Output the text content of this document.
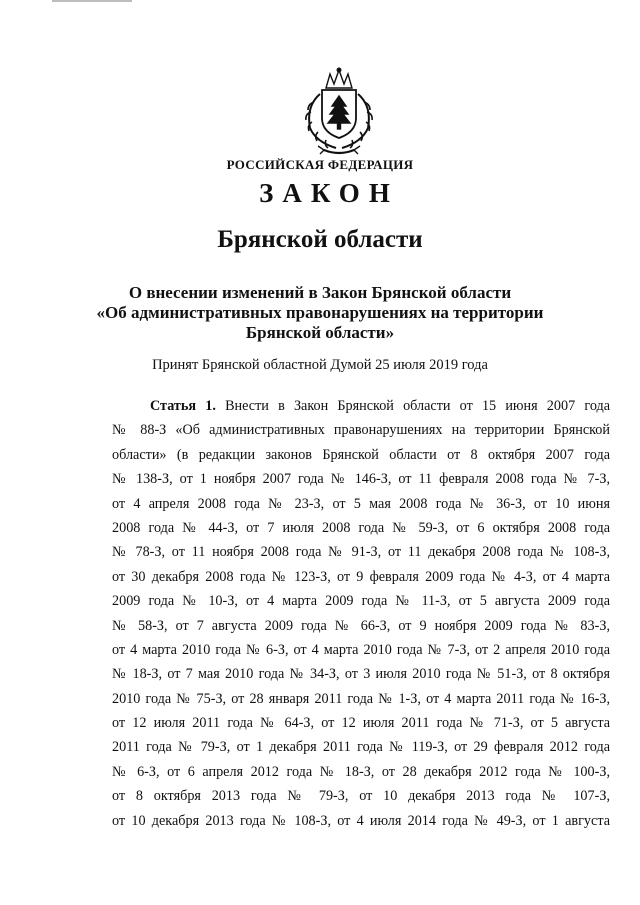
РОССИЙСКАЯ ФЕДЕРАЦИЯ
ЗАКОН
Брянской области
О внесении изменений в Закон Брянской области
«Об административных правонарушениях на территории
Брянской области»
Принят Брянской областной Думой 25 июля 2019 года
Статья 1. Внести в Закон Брянской области от 15 июня 2007 года
№ 88-З «Об административных правонарушениях на территории Брянской
области» (в редакции законов Брянской области от 8 октября 2007 года
№ 138-З, от 1 ноября 2007 года № 146-З, от 11 февраля 2008 года № 7-З,
от 4 апреля 2008 года № 23-З, от 5 мая 2008 года № 36-З, от 10 июня
2008 года № 44-З, от 7 июля 2008 года № 59-З, от 6 октября 2008 года
№ 78-З, от 11 ноября 2008 года № 91-З, от 11 декабря 2008 года № 108-З,
от 30 декабря 2008 года № 123-З, от 9 февраля 2009 года № 4-З, от 4 марта
2009 года № 10-З, от 4 марта 2009 года № 11-З, от 5 августа 2009 года
№ 58-З, от 7 августа 2009 года № 66-З, от 9 ноября 2009 года № 83-З,
от 4 марта 2010 года № 6-З, от 4 марта 2010 года № 7-З, от 2 апреля 2010 года
№ 18-З, от 7 мая 2010 года № 34-З, от 3 июля 2010 года № 51-З, от 8 октября
2010 года № 75-З, от 28 января 2011 года № 1-З, от 4 марта 2011 года № 16-З,
от 12 июля 2011 года № 64-З, от 12 июля 2011 года № 71-З, от 5 августа
2011 года № 79-З, от 1 декабря 2011 года № 119-З, от 29 февраля 2012 года
№ 6-З, от 6 апреля 2012 года № 18-З, от 28 декабря 2012 года № 100-З,
от 8 октября 2013 года № 79-З, от 10 декабря 2013 года № 107-З,
от 10 декабря 2013 года № 108-З, от 4 июля 2014 года № 49-З, от 1 августа
